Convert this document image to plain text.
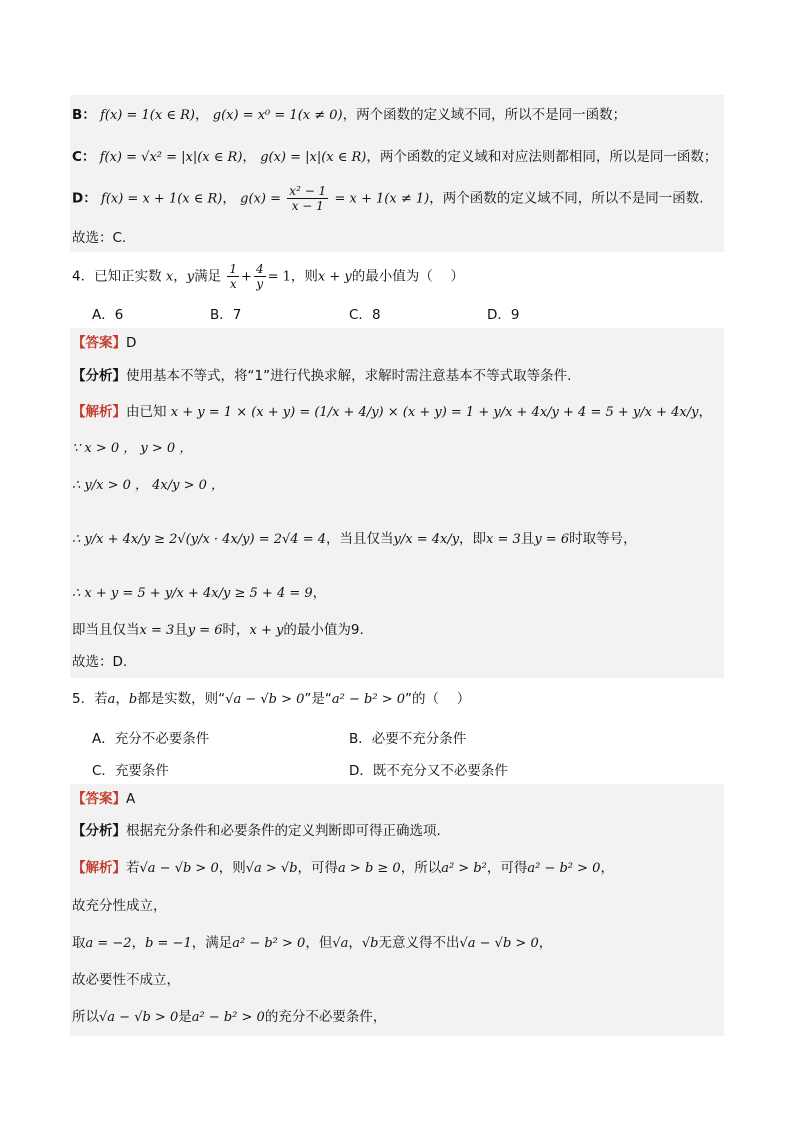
B： f(x) = 1(x ∈ R)， g(x) = x⁰ = 1(x ≠ 0)，两个函数的定义域不同，所以不是同一函数；
C： f(x) = √x² = |x|(x ∈ R)， g(x) = |x|(x ∈ R)，两个函数的定义域和对应法则都相同，所以是同一函数；
D： f(x) = x + 1(x ∈ R)， $g(x) = \frac{\text{x² − 1}}{x - 1} = x + 1(x \ne 1)$，两个函数的定义域不同，所以不是同一函数.
故选：C.
4．已知正实数 x，y满足 $\frac{1}{x} + \frac{4}{y} = 1$，则x + y的最小值为（　 ）
A．6	B．7	C．8	D．9
【答案】D
【分析】使用基本不等式，将“1”进行代换求解，求解时需注意基本不等式取等条件.
【解析】由已知 x + y = 1 × (x + y) = (1/x + 4/y) × (x + y) = 1 + y/x + 4x/y + 4 = 5 + y/x + 4x/y，
∵ x > 0 ， y > 0 ，
∴ y/x > 0 ， 4x/y > 0 ，
∴ y/x + 4x/y ≥ 2√(y/x · 4x/y) = 2√4 = 4，当且仅当y/x = 4x/y，即x = 3且y = 6时取等号，
∴ x + y = 5 + y/x + 4x/y ≥ 5 + 4 = 9，
即当且仅当x = 3且y = 6时，x + y的最小值为9.
故选：D.
5．若a，b都是实数，则“√a − √b > 0”是“a² − b² > 0”的（　 ）
A．充分不必要条件	B．必要不充分条件
C．充要条件	D．既不充分又不必要条件
【答案】A
【分析】根据充分条件和必要条件的定义判断即可得正确选项.
【解析】若√a − √b > 0，则√a > √b，可得a > b ≥ 0，所以a² > b²，可得a² − b² > 0，
故充分性成立，
取a = −2，b = −1，满足a² − b² > 0，但√a，√b无意义得不出√a − √b > 0，
故必要性不成立，
所以√a − √b > 0是a² − b² > 0的充分不必要条件，
